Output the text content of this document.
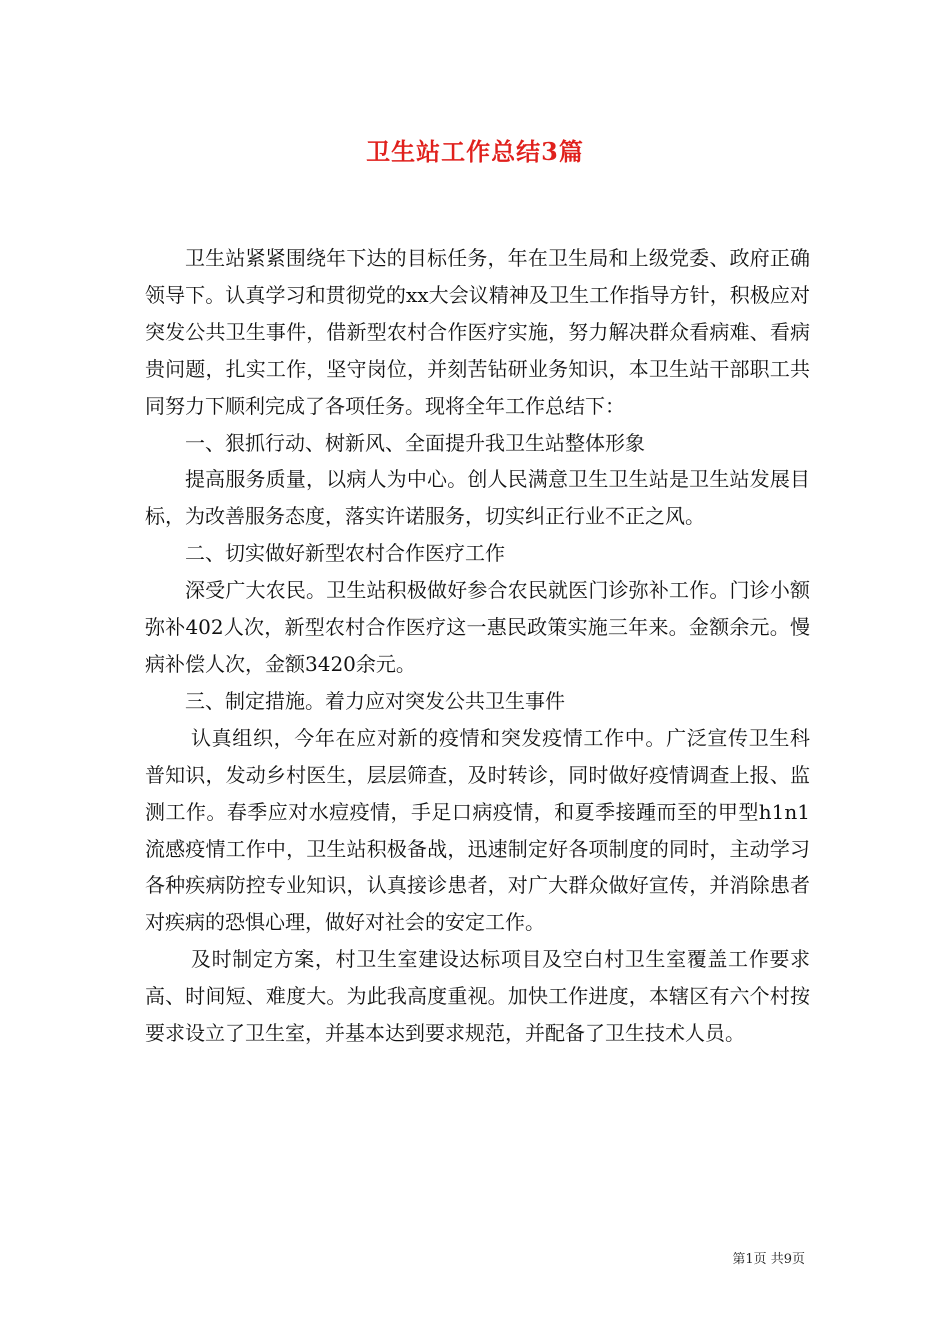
卫生站工作总结3篇

卫生站紧紧围绕年下达的目标任务，年在卫生局和上级党委、政府正确领导下。认真学习和贯彻党的xx大会议精神及卫生工作指导方针，积极应对突发公共卫生事件，借新型农村合作医疗实施，努力解决群众看病难、看病贵问题，扎实工作，坚守岗位，并刻苦钻研业务知识，本卫生站干部职工共同努力下顺利完成了各项任务。现将全年工作总结下：

一、狠抓行动、树新风、全面提升我卫生站整体形象

提高服务质量，以病人为中心。创人民满意卫生卫生站是卫生站发展目标，为改善服务态度，落实许诺服务，切实纠正行业不正之风。

二、切实做好新型农村合作医疗工作

深受广大农民。卫生站积极做好参合农民就医门诊弥补工作。门诊小额弥补402人次，新型农村合作医疗这一惠民政策实施三年来。金额余元。慢病补偿人次，金额3420余元。

三、制定措施。着力应对突发公共卫生事件

认真组织，今年在应对新的疫情和突发疫情工作中。广泛宣传卫生科普知识，发动乡村医生，层层筛查，及时转诊，同时做好疫情调查上报、监测工作。春季应对水痘疫情，手足口病疫情，和夏季接踵而至的甲型h1n1流感疫情工作中，卫生站积极备战，迅速制定好各项制度的同时，主动学习各种疾病防控专业知识，认真接诊患者，对广大群众做好宣传，并消除患者对疾病的恐惧心理，做好对社会的安定工作。

及时制定方案，村卫生室建设达标项目及空白村卫生室覆盖工作要求高、时间短、难度大。为此我高度重视。加快工作进度，本辖区有六个村按要求设立了卫生室，并基本达到要求规范，并配备了卫生技术人员。

第1页 共9页
